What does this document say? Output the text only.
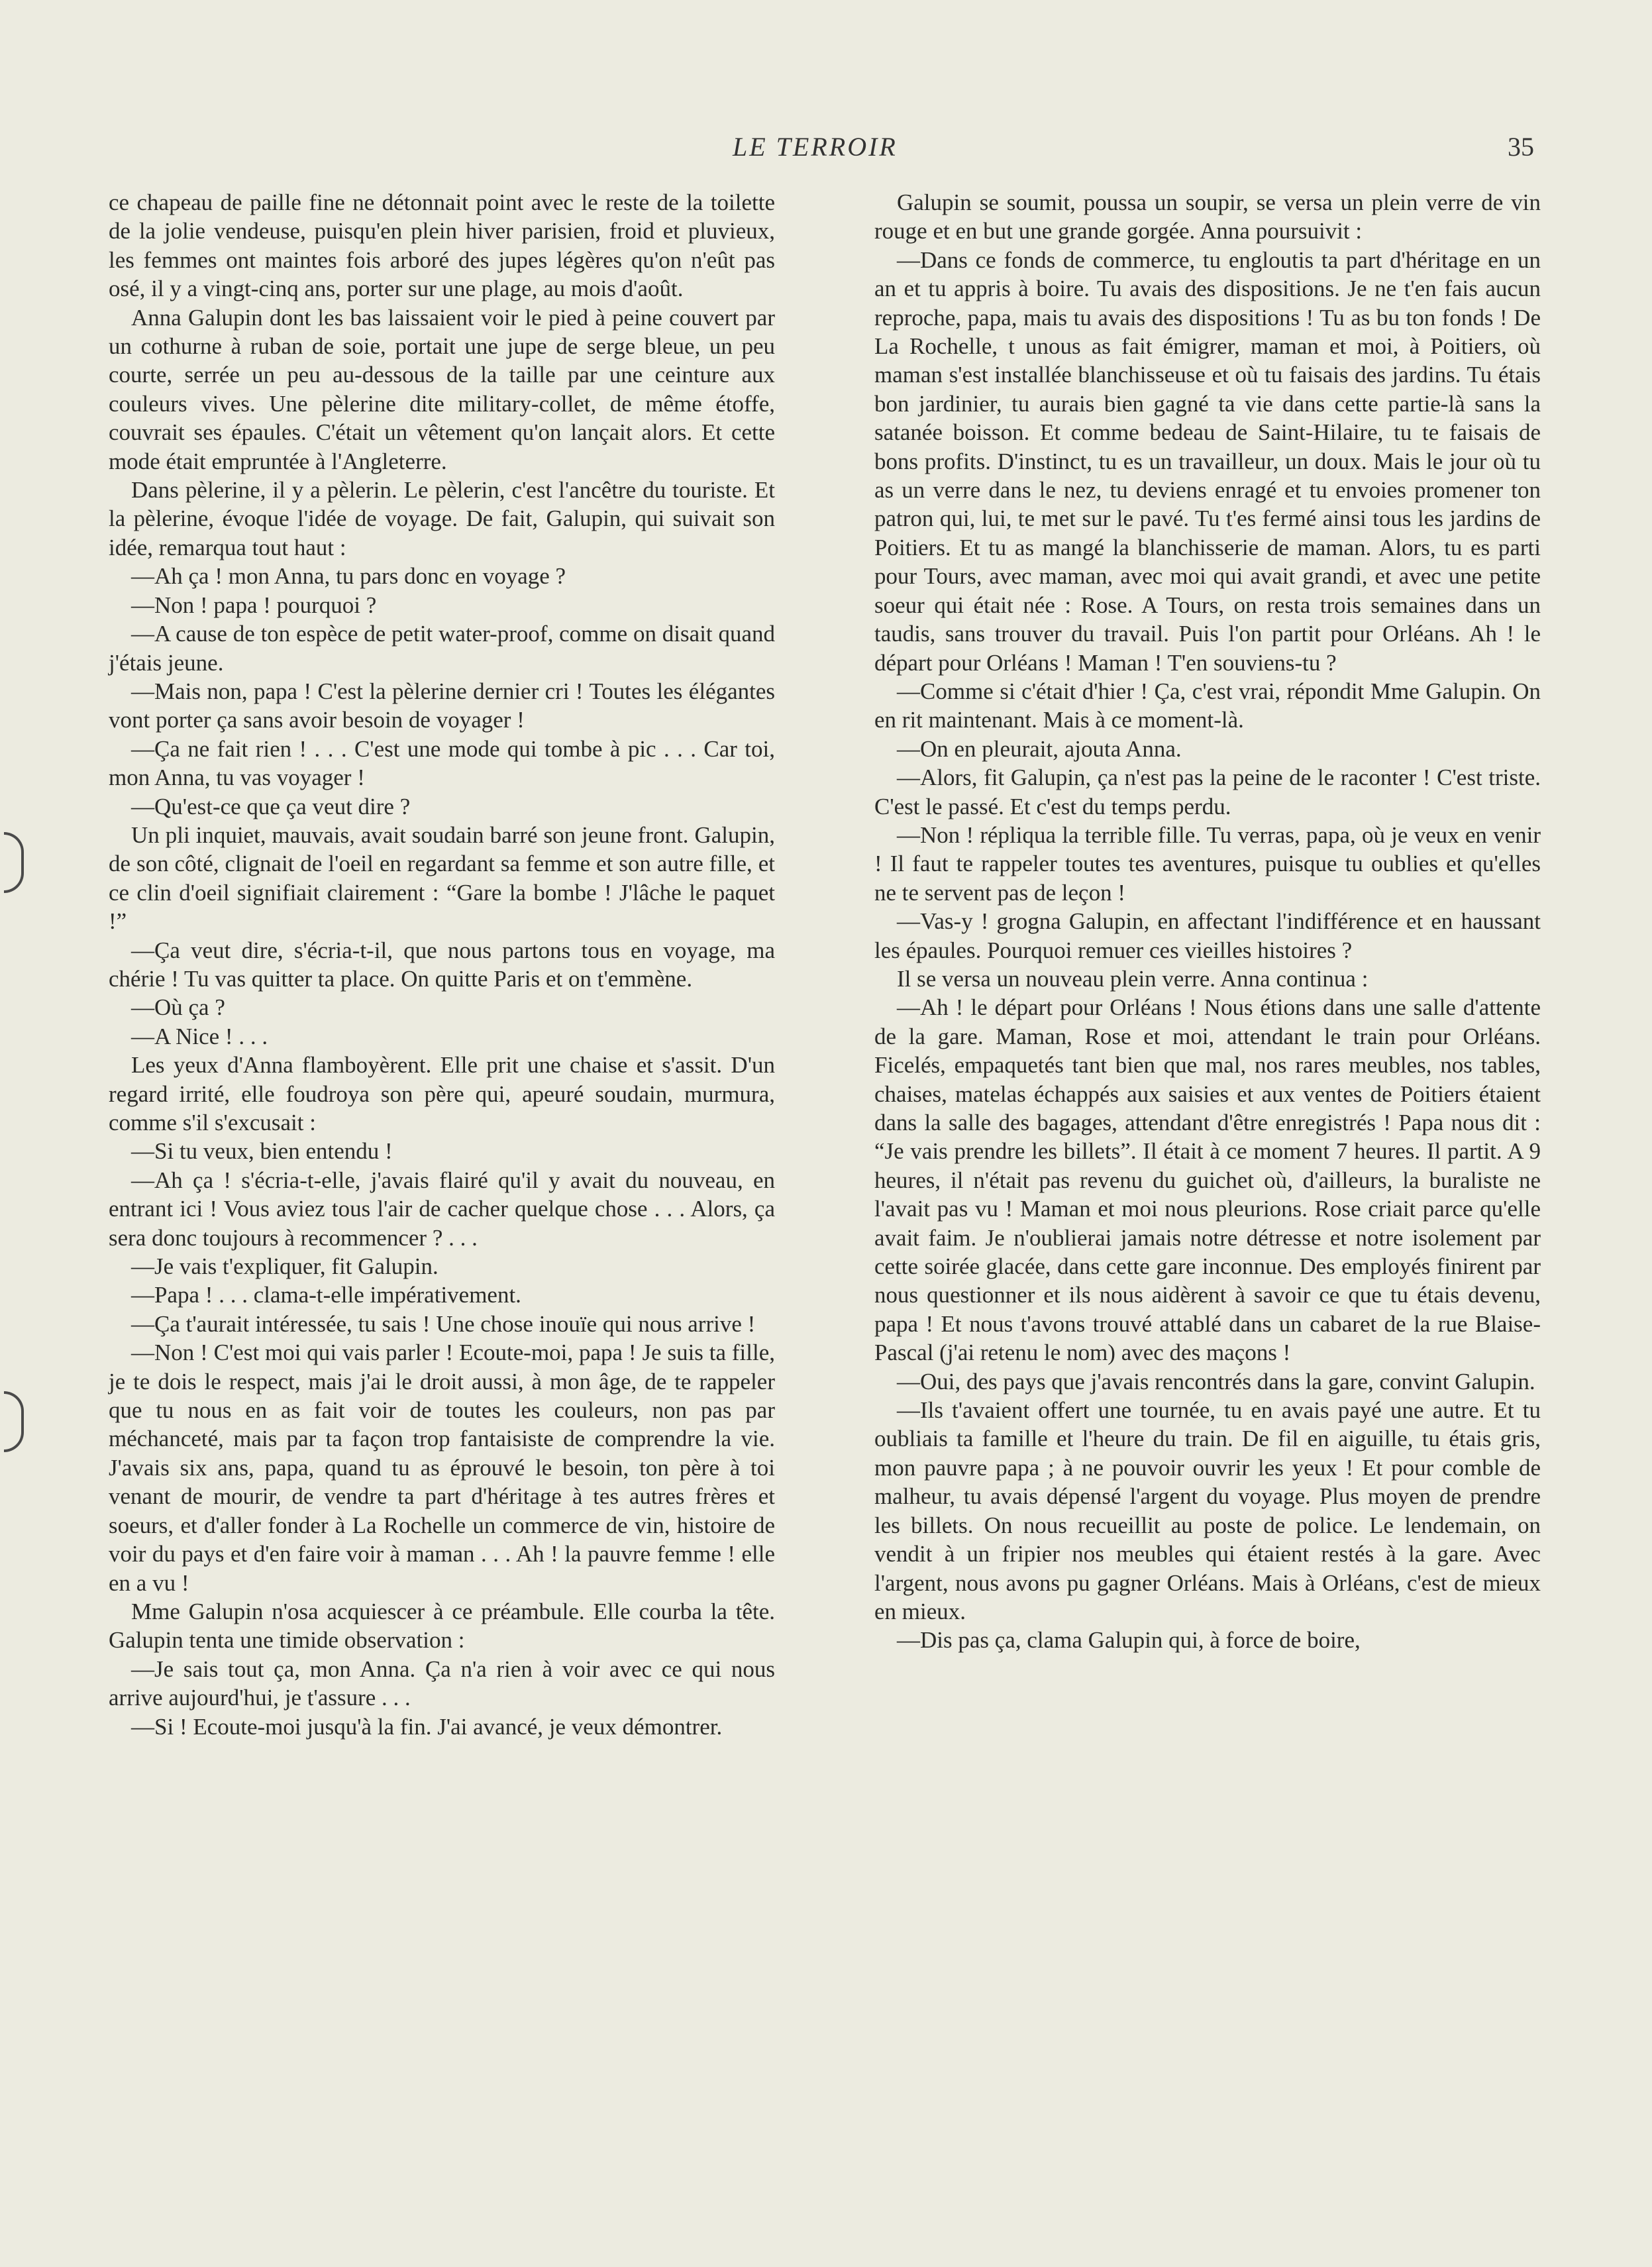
LE TERROIR	35

ce chapeau de paille fine ne détonnait point avec le reste de la toilette de la jolie vendeuse, puisqu'en plein hiver parisien, froid et pluvieux, les femmes ont maintes fois arboré des jupes légères qu'on n'eût pas osé, il y a vingt-cinq ans, porter sur une plage, au mois d'août.

Anna Galupin dont les bas laissaient voir le pied à peine couvert par un cothurne à ruban de soie, portait une jupe de serge bleue, un peu courte, serrée un peu au-dessous de la taille par une ceinture aux couleurs vives. Une pèlerine dite military-collet, de même étoffe, couvrait ses épaules. C'était un vêtement qu'on lançait alors. Et cette mode était empruntée à l'Angleterre.

Dans pèlerine, il y a pèlerin. Le pèlerin, c'est l'ancêtre du touriste. Et la pèlerine, évoque l'idée de voyage. De fait, Galupin, qui suivait son idée, remarqua tout haut :

—Ah ça ! mon Anna, tu pars donc en voyage ?

—Non ! papa ! pourquoi ?

—A cause de ton espèce de petit water-proof, comme on disait quand j'étais jeune.

—Mais non, papa ! C'est la pèlerine dernier cri ! Toutes les élégantes vont porter ça sans avoir besoin de voyager !

—Ça ne fait rien ! . . . C'est une mode qui tombe à pic . . . Car toi, mon Anna, tu vas voyager !

—Qu'est-ce que ça veut dire ?

Un pli inquiet, mauvais, avait soudain barré son jeune front. Galupin, de son côté, clignait de l'oeil en regardant sa femme et son autre fille, et ce clin d'oeil signifiait clairement : “Gare la bombe ! J'lâche le paquet !”

—Ça veut dire, s'écria-t-il, que nous partons tous en voyage, ma chérie ! Tu vas quitter ta place. On quitte Paris et on t'emmène.

—Où ça ?

—A Nice ! . . .

Les yeux d'Anna flamboyèrent. Elle prit une chaise et s'assit. D'un regard irrité, elle foudroya son père qui, apeuré soudain, murmura, comme s'il s'excusait :

—Si tu veux, bien entendu !

—Ah ça ! s'écria-t-elle, j'avais flairé qu'il y avait du nouveau, en entrant ici ! Vous aviez tous l'air de cacher quelque chose . . . Alors, ça sera donc toujours à recommencer ? . . .

—Je vais t'expliquer, fit Galupin.

—Papa ! . . . clama-t-elle impérativement.

—Ça t'aurait intéressée, tu sais ! Une chose inouïe qui nous arrive !

—Non ! C'est moi qui vais parler ! Ecoute-moi, papa ! Je suis ta fille, je te dois le respect, mais j'ai le droit aussi, à mon âge, de te rappeler que tu nous en as fait voir de toutes les couleurs, non pas par méchanceté, mais par ta façon trop fantaisiste de comprendre la vie. J'avais six ans, papa, quand tu as éprouvé le besoin, ton père à toi venant de mourir, de vendre ta part d'héritage à tes autres frères et soeurs, et d'aller fonder à La Rochelle un commerce de vin, histoire de voir du pays et d'en faire voir à maman . . . Ah ! la pauvre femme ! elle en a vu !

Mme Galupin n'osa acquiescer à ce préambule. Elle courba la tête. Galupin tenta une timide observation :

—Je sais tout ça, mon Anna. Ça n'a rien à voir avec ce qui nous arrive aujourd'hui, je t'assure . . .

—Si ! Ecoute-moi jusqu'à la fin. J'ai avancé, je veux démontrer.

Galupin se soumit, poussa un soupir, se versa un plein verre de vin rouge et en but une grande gorgée. Anna poursuivit :

—Dans ce fonds de commerce, tu engloutis ta part d'héritage en un an et tu appris à boire. Tu avais des dispositions. Je ne t'en fais aucun reproche, papa, mais tu avais des dispositions ! Tu as bu ton fonds ! De La Rochelle, t unous as fait émigrer, maman et moi, à Poitiers, où maman s'est installée blanchisseuse et où tu faisais des jardins. Tu étais bon jardinier, tu aurais bien gagné ta vie dans cette partie-là sans la satanée boisson. Et comme bedeau de Saint-Hilaire, tu te faisais de bons profits. D'instinct, tu es un travailleur, un doux. Mais le jour où tu as un verre dans le nez, tu deviens enragé et tu envoies promener ton patron qui, lui, te met sur le pavé. Tu t'es fermé ainsi tous les jardins de Poitiers. Et tu as mangé la blanchisserie de maman. Alors, tu es parti pour Tours, avec maman, avec moi qui avait grandi, et avec une petite soeur qui était née : Rose. A Tours, on resta trois semaines dans un taudis, sans trouver du travail. Puis l'on partit pour Orléans. Ah ! le départ pour Orléans ! Maman ! T'en souviens-tu ?

—Comme si c'était d'hier ! Ça, c'est vrai, répondit Mme Galupin. On en rit maintenant. Mais à ce moment-là.

—On en pleurait, ajouta Anna.

—Alors, fit Galupin, ça n'est pas la peine de le raconter ! C'est triste. C'est le passé. Et c'est du temps perdu.

—Non ! répliqua la terrible fille. Tu verras, papa, où je veux en venir ! Il faut te rappeler toutes tes aventures, puisque tu oublies et qu'elles ne te servent pas de leçon !

—Vas-y ! grogna Galupin, en affectant l'indifférence et en haussant les épaules. Pourquoi remuer ces vieilles histoires ?

Il se versa un nouveau plein verre. Anna continua :

—Ah ! le départ pour Orléans ! Nous étions dans une salle d'attente de la gare. Maman, Rose et moi, attendant le train pour Orléans. Ficelés, empaquetés tant bien que mal, nos rares meubles, nos tables, chaises, matelas échappés aux saisies et aux ventes de Poitiers étaient dans la salle des bagages, attendant d'être enregistrés ! Papa nous dit : “Je vais prendre les billets”. Il était à ce moment 7 heures. Il partit. A 9 heures, il n'était pas revenu du guichet où, d'ailleurs, la buraliste ne l'avait pas vu ! Maman et moi nous pleurions. Rose criait parce qu'elle avait faim. Je n'oublierai jamais notre détresse et notre isolement par cette soirée glacée, dans cette gare inconnue. Des employés finirent par nous questionner et ils nous aidèrent à savoir ce que tu étais devenu, papa ! Et nous t'avons trouvé attablé dans un cabaret de la rue Blaise-Pascal (j'ai retenu le nom) avec des maçons !

—Oui, des pays que j'avais rencontrés dans la gare, convint Galupin.

—Ils t'avaient offert une tournée, tu en avais payé une autre. Et tu oubliais ta famille et l'heure du train. De fil en aiguille, tu étais gris, mon pauvre papa ; à ne pouvoir ouvrir les yeux ! Et pour comble de malheur, tu avais dépensé l'argent du voyage. Plus moyen de prendre les billets. On nous recueillit au poste de police. Le lendemain, on vendit à un fripier nos meubles qui étaient restés à la gare. Avec l'argent, nous avons pu gagner Orléans. Mais à Orléans, c'est de mieux en mieux.

—Dis pas ça, clama Galupin qui, à force de boire,
